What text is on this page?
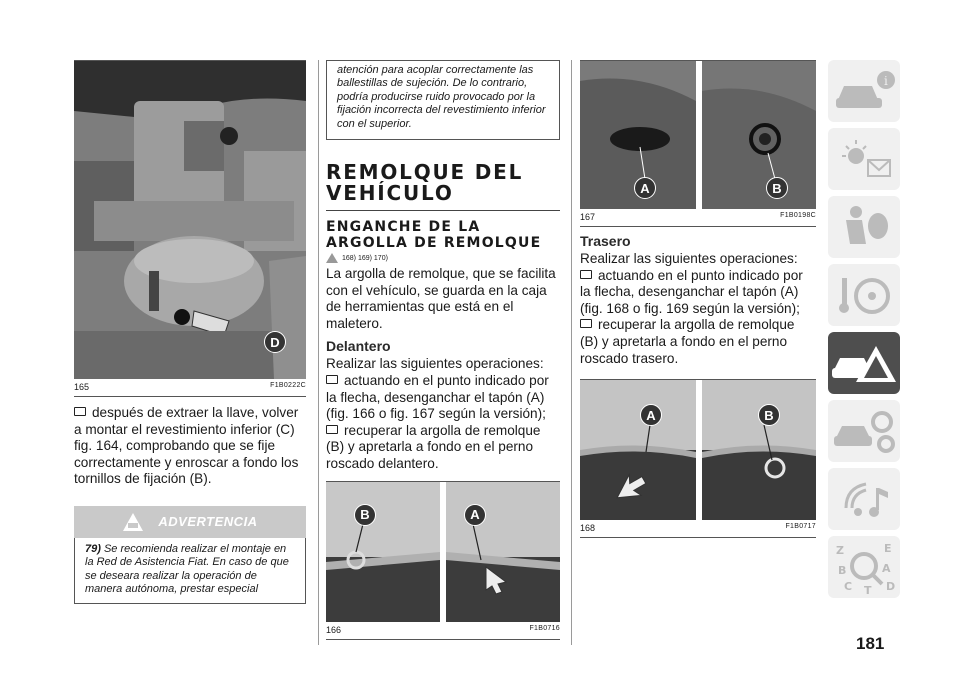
D
165	F1B0222C

después de extraer la llave, volver a montar el revestimiento inferior (C) fig. 164, comprobando que se fije correctamente y enroscar a fondo los tornillos de fijación (B).

ADVERTENCIA
79) Se recomienda realizar el montaje en la Red de Asistencia Fiat. En caso de que se desearа realizar la operación de manera autónoma, prestar especial
atención para acoplar correctamente las ballestillas de sujeción. De lo contrario, podría producirse ruido provocado por la fijación incorrecta del revestimiento inferior con el superior.
REMOLQUE DEL VEHÍCULO
ENGANCHE DE LA ARGOLLA DE REMOLQUE
168) 169) 170)

La argolla de remolque, que se facilita con el vehículo, se guarda en la caja de herramientas que está en el maletero.

Delantero

Realizar las siguientes operaciones:

actuando en el punto indicado por la flecha, desenganchar el tapón (A) (fig. 166 o fig. 167 según la versión);

recuperar la argolla de remolque (B) y apretarla a fondo en el perno roscado delantero.

B	A
166	F1B0716
A	B
167	F1B0198C
Trasero

Realizar las siguientes operaciones:

actuando en el punto indicado por la flecha, desenganchar el tapón (A) (fig. 168 o fig. 169 según la versión);

recuperar la argolla de remolque (B) y apretarla a fondo en el perno roscado trasero.

A	B
168	F1B0717
i
Z	E
B	A
C	D
T
181
